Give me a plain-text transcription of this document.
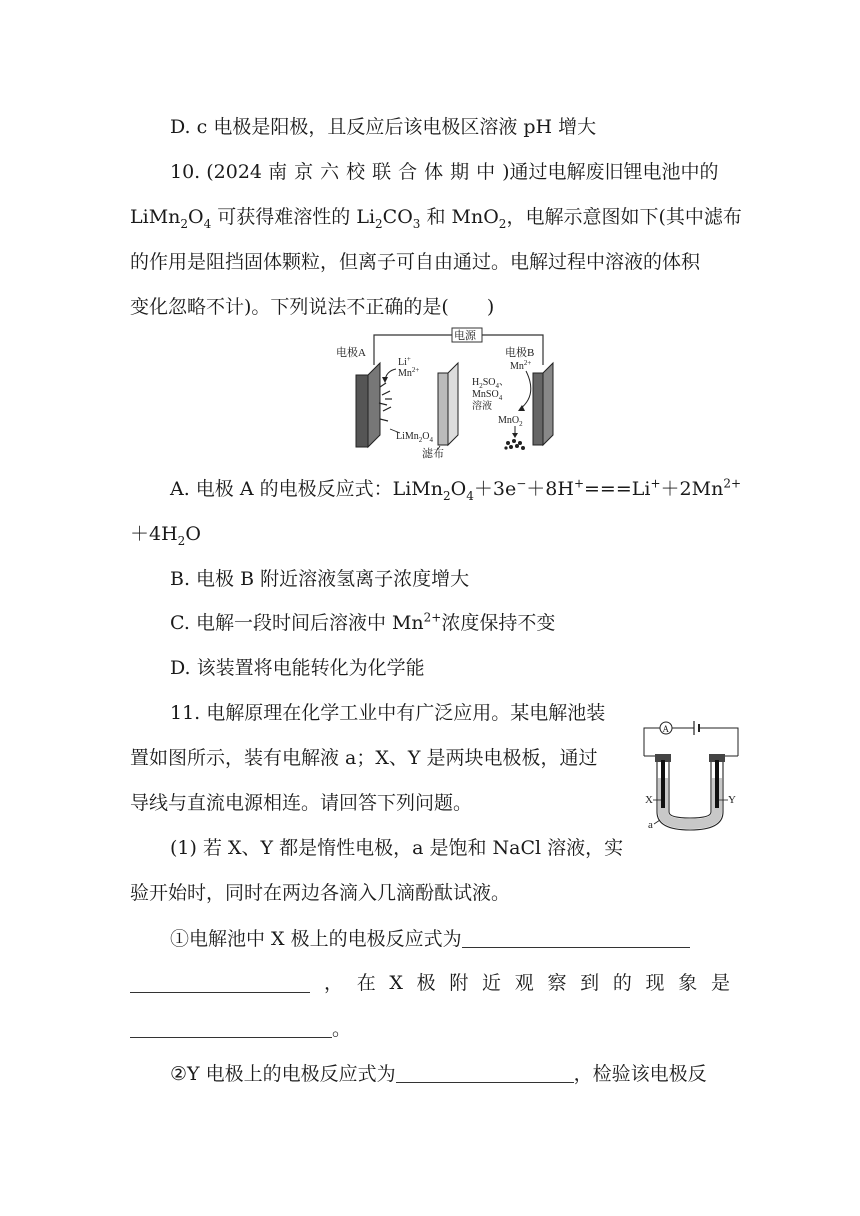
D. c 电极是阳极，且反应后该电极区溶液 pH 增大
10. (2024 南京六校联合体期中)通过电解废旧锂电池中的
$LiMn_2O_4$ 可获得难溶性的 $Li_2CO_3$ 和 MnO$_2$，电解示意图如下(其中滤布
的作用是阻挡固体颗粒，但离子可自由通过。电解过程中溶液的体积
变化忽略不计)。下列说法不正确的是(　　)
电源
电极A
Li+
$Mn^{2+}$
$LiMn_2O_4$
滤布
$H_2SO_4$、
MnSO$_4$
溶液
电极B
$Mn^{2+}$
MnO$_2$
A. 电极 A 的电极反应式：$LiMn_2O_4+3e^-+8H^+===Li^++2Mn^{2+}$
$+4H_2O$
B. 电极 B 附近溶液氢离子浓度增大
C. 电解一段时间后溶液中 $Mn^{2+}$浓度保持不变
D. 该装置将电能转化为化学能
11. 电解原理在化学工业中有广泛应用。某电解池装
置如图所示，装有电解液 a；X、Y 是两块电极板，通过
导线与直流电源相连。请回答下列问题。
(1) 若 X、Y 都是惰性电极，a 是饱和 NaCl 溶液，实
验开始时，同时在两边各滴入几滴酚酞试液。
A
X	Y
a
①电解池中 X 极上的电极反应式为
， 在 X 极 附 近 观 察 到 的 现 象 是
。
②Y 电极上的电极反应式为	，检验该电极反
